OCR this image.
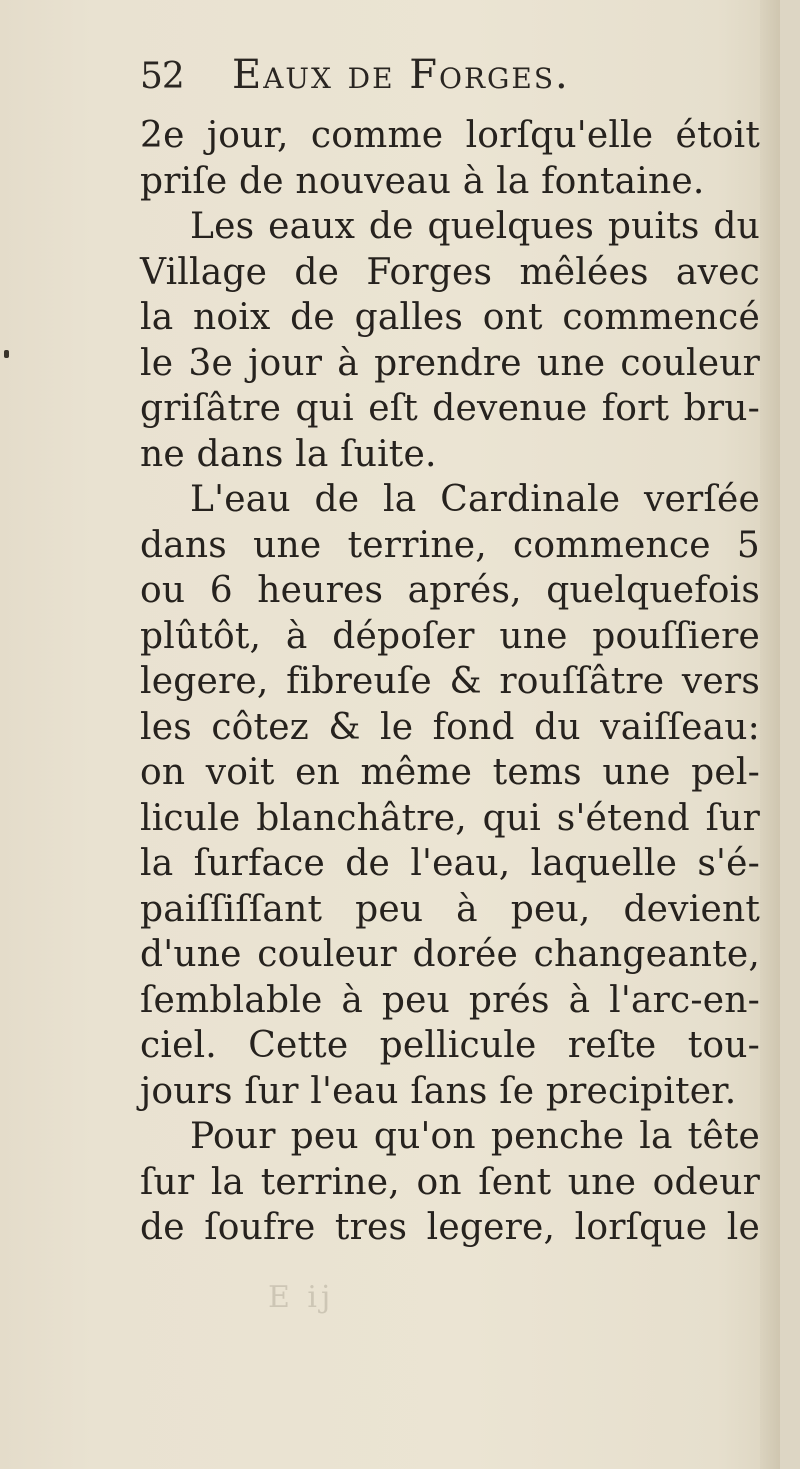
52 Eaux de Forges.
2e jour, comme lorſqu'elle étoit
priſe de nouveau à la fontaine.
Les eaux de quelques puits du
Village de Forges mêlées avec
la noix de galles ont commencé
le 3e jour à prendre une couleur
griſâtre qui eſt devenue fort bru-
ne dans la ſuite.
L'eau de la Cardinale verſée
dans une terrine, commence 5
ou 6 heures aprés, quelquefois
plûtôt, à dépoſer une pouſſiere
legere, fibreuſe & rouſſâtre vers
les côtez & le fond du vaiſſeau:
on voit en même tems une pel-
licule blanchâtre, qui s'étend ſur
la ſurface de l'eau, laquelle s'é-
paiſſiſſant peu à peu, devient
d'une couleur dorée changeante,
ſemblable à peu prés à l'arc-en-
ciel. Cette pellicule reſte tou-
jours ſur l'eau ſans ſe precipiter.
Pour peu qu'on penche la tête
ſur la terrine, on ſent une odeur
de ſoufre tres legere, lorſque le
E ij
